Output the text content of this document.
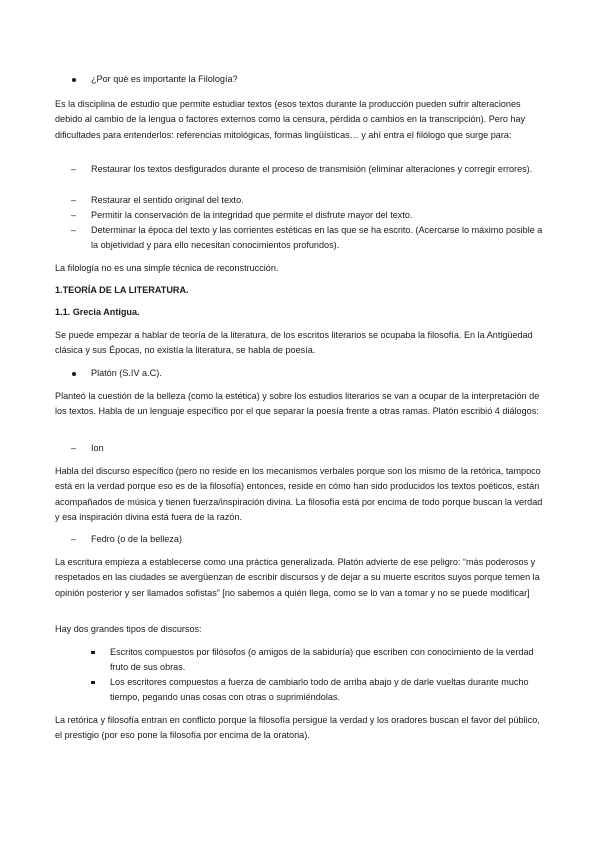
¿Por qué es importante la Filología?

Es la disciplina de estudio que permite estudiar textos (esos textos durante la producción pueden sufrir alteraciones debido al cambio de la lengua o factores externos como la censura, pérdida o cambios en la transcripción). Pero hay dificultades para entenderlos: referencias mitológicas, formas lingüísticas… y ahí entra el filólogo que surge para:

– Restaurar los textos desfigurados durante el proceso de transmisión (eliminar alteraciones y corregir errores).
– Restaurar el sentido original del texto.
– Permitir la conservación de la integridad que permite el disfrute mayor del texto.
– Determinar la época del texto y las corrientes estéticas en las que se ha escrito. (Acercarse lo máximo posible a la objetividad y para ello necesitan conocimientos profundos).

La filología no es una simple técnica de reconstrucción.

1.TEORÍA DE LA LITERATURA.

1.1. Grecia Antigua.

Se puede empezar a hablar de teoría de la literatura, de los escritos literarios se ocupaba la filosofía. En la Antigüedad clásica y sus Épocas, no existía la literatura, se habla de poesía.

Platón (S.IV a.C).

Planteó la cuestión de la belleza (como la estética) y sobre los estudios literarios se van a ocupar de la interpretación de los textos. Habla de un lenguaje específico por el que separar la poesía frente a otras ramas. Platón escribió 4 diálogos:

– Ion

Habla del discurso específico (pero no reside en los mecanismos verbales porque son los mismo de la retórica, tampoco está en la verdad porque eso es de la filosofía) entonces, reside en cómo han sido producidos los textos poéticos, están acompañados de música y tienen fuerza/inspiración divina. La filosofía está por encima de todo porque buscan la verdad y esa inspiración divina está fuera de la razón.

– Fedro (o de la belleza)

La escritura empieza a establecerse como una práctica generalizada. Platón advierte de ese peligro: “más poderosos y respetados en las ciudades se avergüenzan de escribir discursos y de dejar a su muerte escritos suyos porque temen la opinión posterior y ser llamados sofistas” [no sabemos a quién llega, como se lo van a tomar y no se puede modificar]

Hay dos grandes tipos de discursos:

Escritos compuestos por filósofos (o amigos de la sabiduría) que escriben con conocimiento de la verdad fruto de sus obras.
Los escritores compuestos a fuerza de cambiarlo todo de arriba abajo y de darle vueltas durante mucho tiempo, pegando unas cosas con otras o suprimiéndolas.

La retórica y filosofía entran en conflicto porque la filosofía persigue la verdad y los oradores buscan el favor del público, el prestigio (por eso pone la filosofía por encima de la oratoria).
